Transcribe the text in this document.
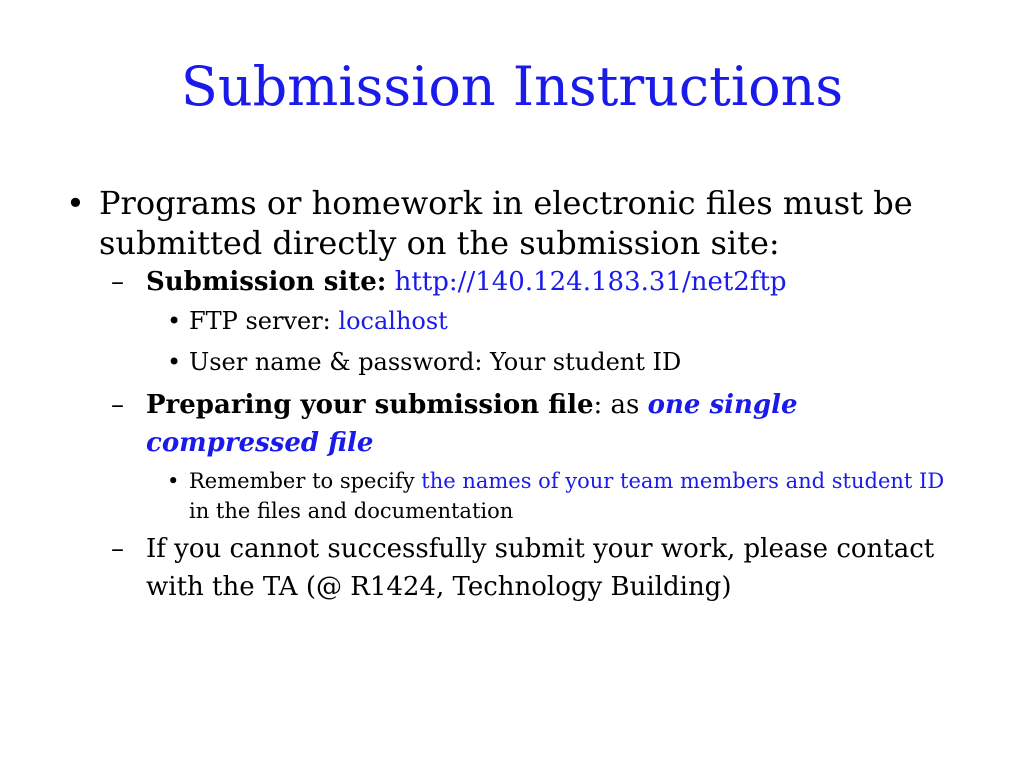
Submission Instructions
• Programs or homework in electronic files must be submitted directly on the submission site:
– Submission site: http://140.124.183.31/net2ftp
• FTP server: localhost
• User name & password: Your student ID
– Preparing your submission file: as one single compressed file
• Remember to specify the names of your team members and student ID in the files and documentation
– If you cannot successfully submit your work, please contact with the TA (@ R1424, Technology Building)
